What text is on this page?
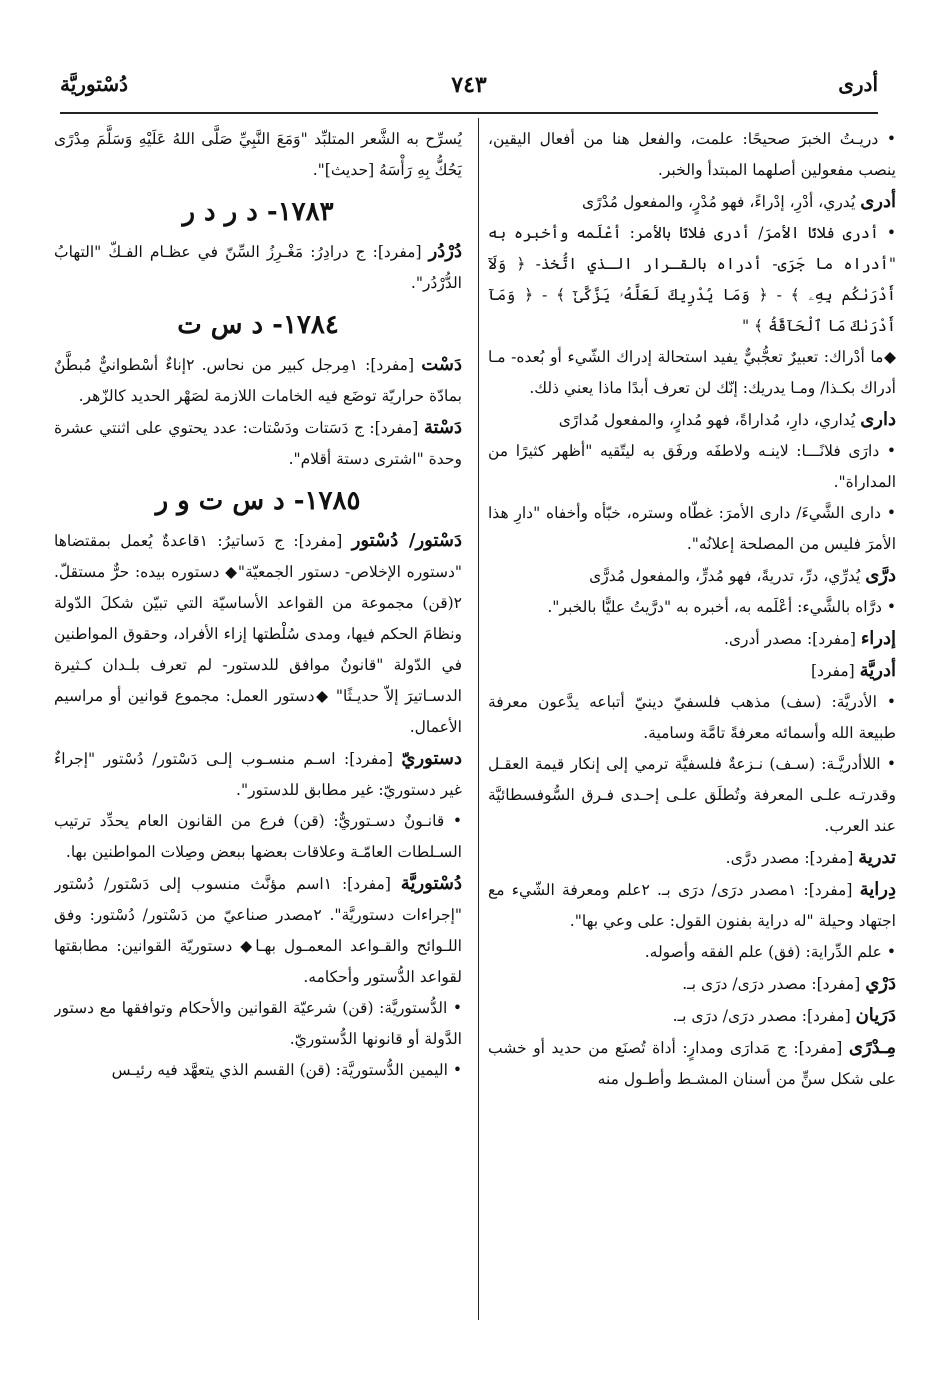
أدرى
٧٤٣
دُسْتوريَّة

• دريـتُ الخبرَ صحيحًا: علمت، والفعل هنا من أفعال اليقين، ينصب مفعولين أصلهما المبتدأ والخبر.

أدرى يُدري، أدْرِ، إدْراءً، فهو مُدْرٍ، والمفعول مُدْرًى

• أدرى فلانًا الأمرَ/ أدرى فلانًا بالأمر: أعْلَمه وأخبره به "أدراه ما جَرَى- أدراه بالقـرار الـذي اتُّخذ- ﴿ وَلَآ أَدْرَىٰكُم بِهِۦ ﴾ - ﴿ وَمَا يُدْرِيكَ لَعَلَّهُۥ يَزَّكَّىٰٓ ﴾ - ﴿ وَمَآ أَدْرَىٰكَ مَا ٱلْحَآقَّةُ ﴾ "

◆ما أدْراك: تعبيرٌ تعجُّبيٌّ يفيد استحالة إدراك الشّيء أو بُعده- مـا أدراك بكـذا/ ومـا يدريك: إنّك لن تعرف أبدًا ماذا يعني ذلك.

دارى يُداري، دارِ، مُداراةً، فهو مُدارٍ، والمفعول مُدارًى

• دارَى فلانًـــا: لاينـه ولاطفَه ورفَق به ليتّقيه "أظهر كثيرًا من المداراة".

• دارى الشَّيءَ/ دارى الأمرَ: غطّاه وستره، خبّأه وأخفاه "دارِ هذا الأمرَ فليس من المصلحة إعلانُه".

درَّى يُدرِّي، درِّ، تدريةً، فهو مُدرٍّ، والمفعول مُدرًّى

• درَّاه بالشَّيء: أعْلَمه به، أخبره به "درَّيتُ عليًّا بالخبر".

إدراء [مفرد]: مصدر أدرى.

أدريَّة [مفرد]

• الأدريَّة: (سف) مذهب فلسفيّ دينيّ أتباعه يدَّعون معرفة طبيعة الله وأسمائه معرفةً تامَّة وسامية.

• اللاأدريَّـة: (سـف) نـزعةٌ فلسفيَّة ترمي إلى إنكار قيمة العقـل وقدرتـه علـى المعرفة وتُطلَق علـى إحـدى فـرق السُّوفسطائيَّة عند العرب.

تدرية [مفرد]: مصدر درَّى.

دِراية [مفرد]: ١مصدر درَى/ درَى بـ. ٢علم ومعرفة الشّيء مع اجتهاد وحيلة "له دراية بفنون القول: على وعي بها".

• علم الدِّراية: (فق) علم الفقه وأصوله.

دَرْي [مفرد]: مصدر درَى/ درَى بـ.

دَرَيان [مفرد]: مصدر درَى/ درَى بـ.

مِـدْرًى [مفرد]: ج مَدارَى ومدارٍ: أداة تُصنَع من حديد أو خشب على شكل سنٍّ من أسنان المشـط وأطـول منه

يُسرِّح به الشَّعر المتلبِّد "وَمَعَ النَّبِيِّ صَلَّى اللهُ عَلَيْهِ وَسَلَّمَ مِدْرًى يَحُكُّ بِهِ رَأْسَهُ [حديث]".

١٧٨٣- د ر د ر

دُرْدُر [مفرد]: ج درادِرُ: مَغْـرِزُ السِّنّ في عظـام الفـكّ "التهابُ الدُّرْدُر".

١٧٨٤- د س ت

دَسْت [مفرد]: ١مِرجل كبير من نحاس. ٢إناءٌ أسْطوانيٌّ مُبطَّنٌ بمادّة حراريّة توضَع فيه الخامات اللازمة لصَهْر الحديد كالزّهر.

دَسْتة [مفرد]: ج دَسَتات ودَسْتات: عدد يحتوي على اثنتي عشرة وحدة "اشترى دستة أقلام".

١٧٨٥- د س ت و ر

دَسْتور/ دُسْتور [مفرد]: ج دَساتيرُ: ١قاعدةٌ يُعمل بمقتضاها "دستوره الإخلاص- دستور الجمعيّة"◆ دستوره بيده: حرٌّ مستقلّ. ٢(قن) مجموعة من القواعد الأساسيّة التي تبيّن شكلَ الدّولة ونظامَ الحكم فيها، ومدى سُلْطتها إزاء الأفراد، وحقوق المواطنين في الدّولة "قانونٌ موافق للدستور- لم تعرف بلـدان كـثيرة الدسـاتيرَ إلاّ حديـثًا" ◆دستور العمل: مجموع قوانين أو مراسيم الأعمال.

دستوريّ [مفرد]: اسـم منسـوب إلـى دَسْتور/ دُسْتور "إجراءٌ غير دستوريّ: غير مطابق للدستور".

• قانـونٌ دسـتوريٌّ: (قن) فرع من القانون العام يحدِّد ترتيب السـلطات العامّـة وعلاقات بعضها ببعض وصِلات المواطنين بها.

دُسْتوريَّة [مفرد]: ١اسم مؤنَّث منسوب إلى دَسْتور/ دُسْتور "إجراءات دستوريَّة". ٢مصدر صناعيّ من دَسْتور/ دُسْتور: وفق اللـوائح والقـواعد المعمـول بهـا◆ دستوريّة القوانين: مطابقتها لقواعد الدُّستور وأحكامه.

• الدُّستوريَّة: (قن) شرعيّة القوانين والأحكام وتوافقها مع دستور الدَّولة أو قانونها الدُّستوريّ.

• اليمين الدُّستوريَّة: (قن) القسم الذي يتعهَّد فيه رئيـس
